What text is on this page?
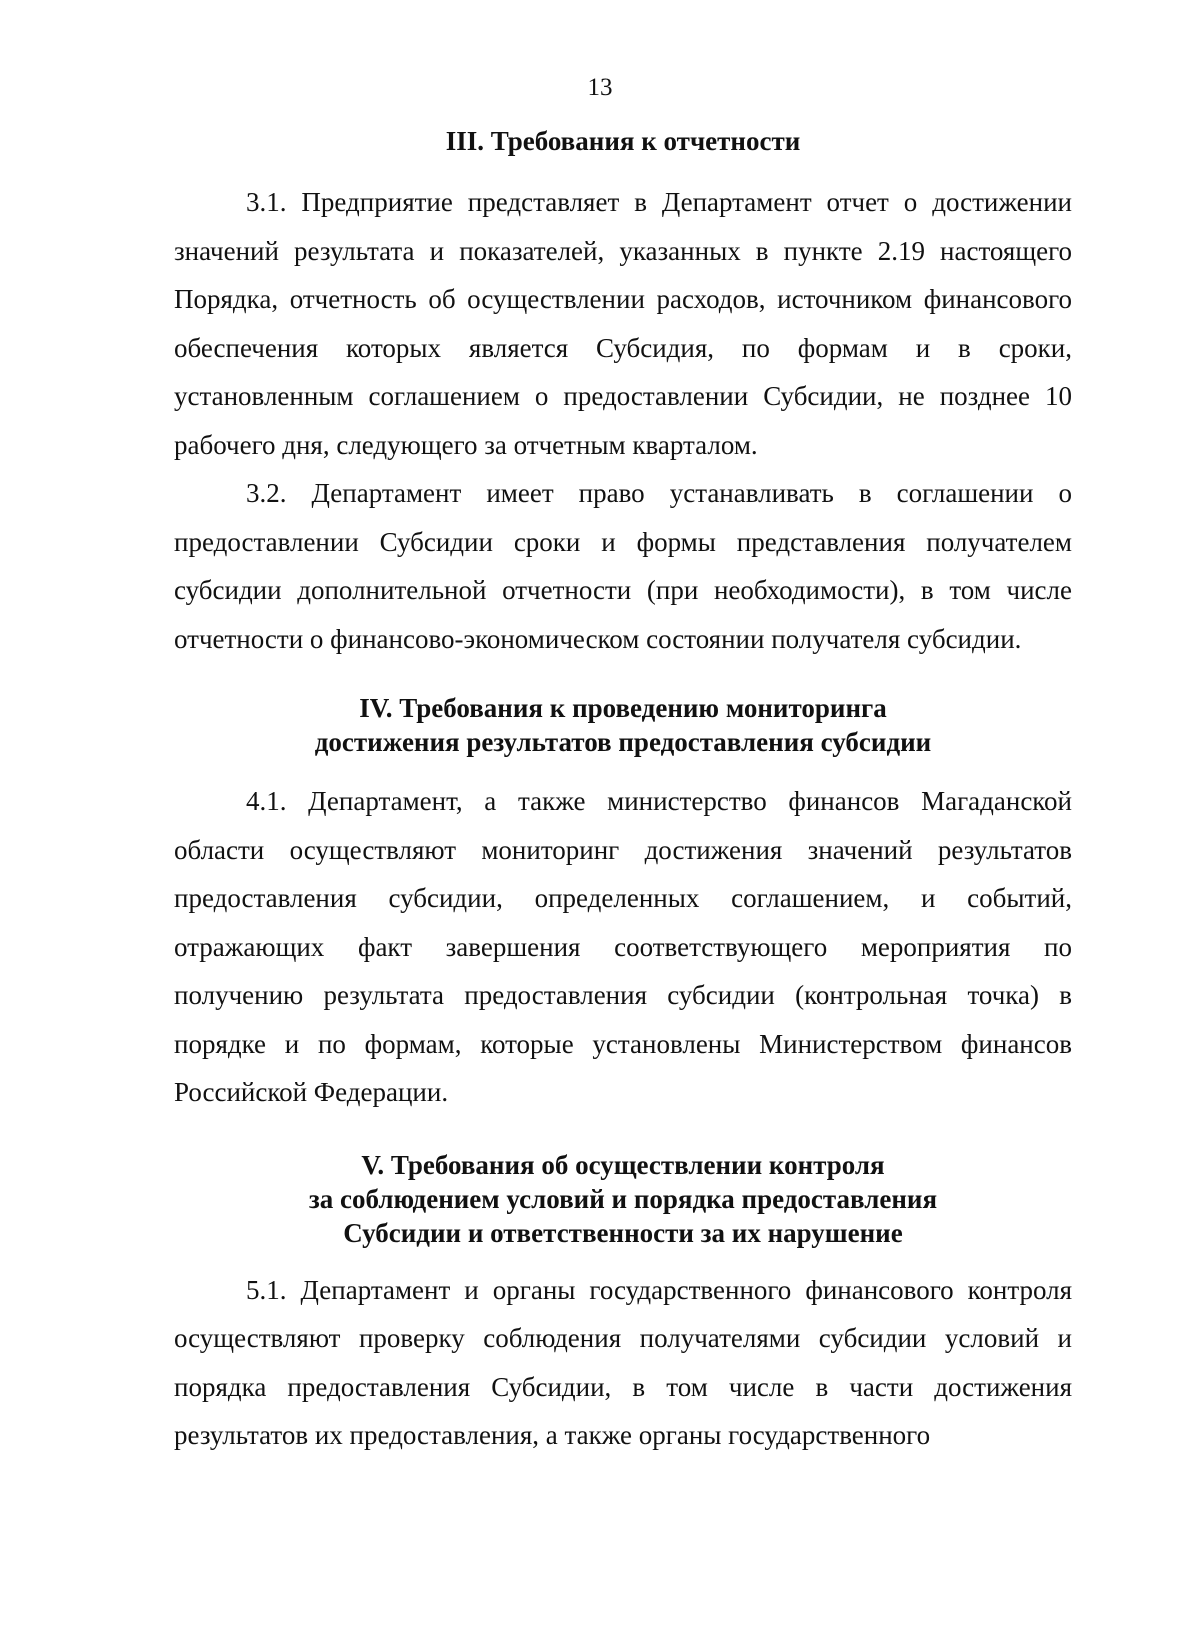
13
III. Требования к отчетности

3.1. Предприятие представляет в Департамент отчет о достижении значений результата и показателей, указанных в пункте 2.19 настоящего Порядка, отчетность об осуществлении расходов, источником финансового обеспечения которых является Субсидия, по формам и в сроки, установленным соглашением о предоставлении Субсидии, не позднее 10 рабочего дня, следующего за отчетным кварталом.

3.2. Департамент имеет право устанавливать в соглашении о предоставлении Субсидии сроки и формы представления получателем субсидии дополнительной отчетности (при необходимости), в том числе отчетности о финансово-экономическом состоянии получателя субсидии.

IV. Требования к проведению мониторинга
достижения результатов предоставления субсидии

4.1. Департамент, а также министерство финансов Магаданской области осуществляют мониторинг достижения значений результатов предоставления субсидии, определенных соглашением, и событий, отражающих факт завершения соответствующего мероприятия по получению результата предоставления субсидии (контрольная точка) в порядке и по формам, которые установлены Министерством финансов Российской Федерации.

V. Требования об осуществлении контроля
за соблюдением условий и порядка предоставления
Субсидии и ответственности за их нарушение

5.1. Департамент и органы государственного финансового контроля осуществляют проверку соблюдения получателями субсидии условий и порядка предоставления Субсидии, в том числе в части достижения результатов их предоставления, а также органы государственного
